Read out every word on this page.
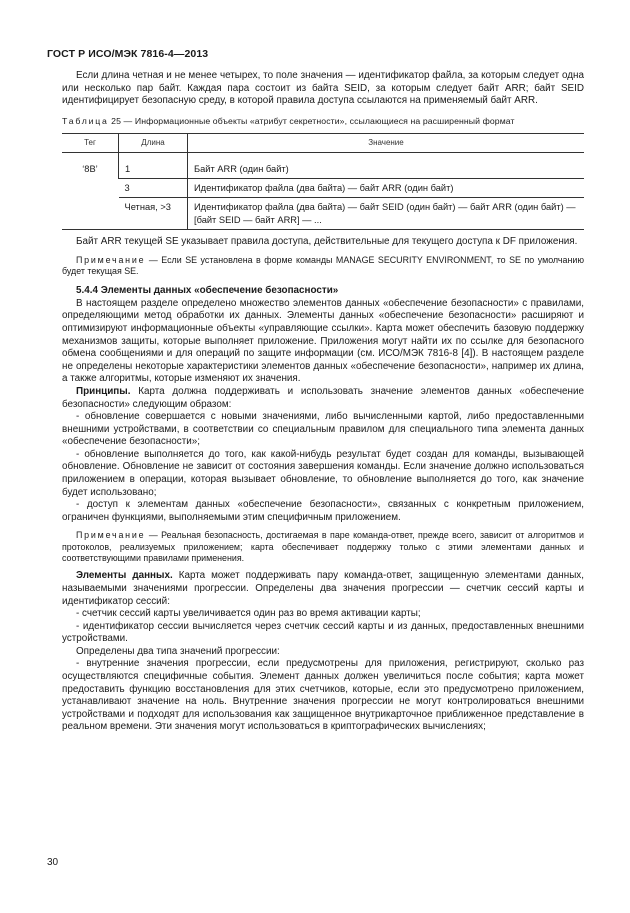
ГОСТ Р ИСО/МЭК 7816-4—2013

Если длина четная и не менее четырех, то поле значения — идентификатор файла, за которым следует одна или несколько пар байт. Каждая пара состоит из байта SEID, за которым следует байт ARR; байт SEID идентифицирует безопасную среду, в которой правила доступа ссылаются на применяемый байт ARR.

Таблица 25 — Информационные объекты «атрибут секретности», ссылающиеся на расширенный формат
Тег	Длина	Значение
‘8B’	1	Байт ARR (один байт)
	3	Идентификатор файла (два байта) — байт ARR (один байт)
	Четная, >3	Идентификатор файла (два байта) — байт SEID (один байт) — байт ARR (один байт) — [байт SEID — байт ARR] — ...

Байт ARR текущей SE указывает правила доступа, действительные для текущего доступа к DF приложения.

Примечание — Если SE установлена в форме команды MANAGE SECURITY ENVIRONMENT, то SE по умолчанию будет текущая SE.

5.4.4 Элементы данных «обеспечение безопасности»

В настоящем разделе определено множество элементов данных «обеспечение безопасности» с правилами, определяющими метод обработки их данных. Элементы данных «обеспечение безопасности» расширяют и оптимизируют информационные объекты «управляющие ссылки». Карта может обеспечить базовую поддержку механизмов защиты, которые выполняет приложение. Приложения могут найти их по ссылке для безопасного обмена сообщениями и для операций по защите информации (см. ИСО/МЭК 7816-8 [4]). В настоящем разделе не определены некоторые характеристики элементов данных «обеспечение безопасности», например их длина, а также алгоритмы, которые изменяют их значения.

Принципы. Карта должна поддерживать и использовать значение элементов данных «обеспечение безопасности» следующим образом:

- обновление совершается с новыми значениями, либо вычисленными картой, либо предоставленными внешними устройствами, в соответствии со специальным правилом для специального типа элемента данных «обеспечение безопасности»;

- обновление выполняется до того, как какой-нибудь результат будет создан для команды, вызывающей обновление. Обновление не зависит от состояния завершения команды. Если значение должно использоваться приложением в операции, которая вызывает обновление, то обновление выполняется до того, как значение будет использовано;

- доступ к элементам данных «обеспечение безопасности», связанных с конкретным приложением, ограничен функциями, выполняемыми этим специфичным приложением.

Примечание — Реальная безопасность, достигаемая в паре команда-ответ, прежде всего, зависит от алгоритмов и протоколов, реализуемых приложением; карта обеспечивает поддержку только с этими элементами данных и соответствующими правилами применения.

Элементы данных. Карта может поддерживать пару команда-ответ, защищенную элементами данных, называемыми значениями прогрессии. Определены два значения прогрессии — счетчик сессий карты и идентификатор сессий:

- счетчик сессий карты увеличивается один раз во время активации карты;

- идентификатор сессии вычисляется через счетчик сессий карты и из данных, предоставленных внешними устройствами.

Определены два типа значений прогрессии:

- внутренние значения прогрессии, если предусмотрены для приложения, регистрируют, сколько раз осуществляются специфичные события. Элемент данных должен увеличиться после события; карта может предоставить функцию восстановления для этих счетчиков, которые, если это предусмотрено приложением, устанавливают значение на ноль. Внутренние значения прогрессии не могут контролироваться внешними устройствами и подходят для использования как защищенное внутрикарточное приближенное представление в реальном времени. Эти значения могут использоваться в криптографических вычислениях;

30
